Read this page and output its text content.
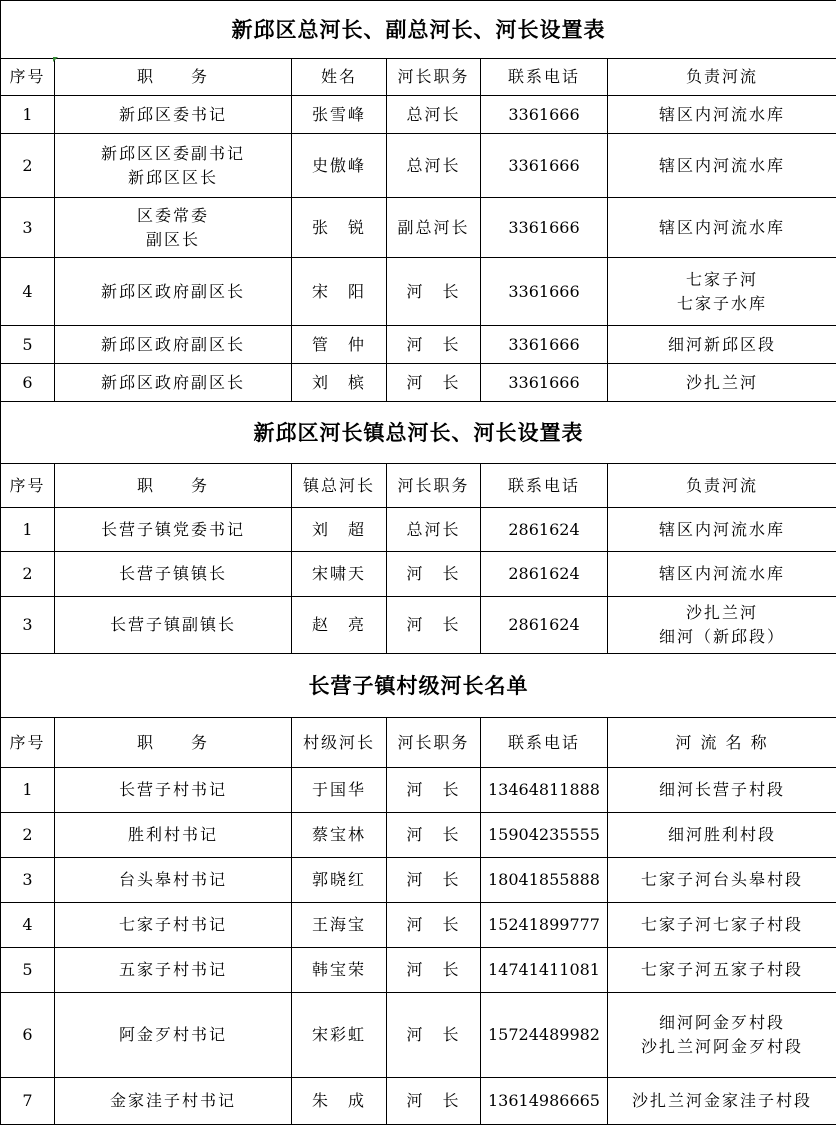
新邱区总河长、副总河长、河长设置表					
序号	职　　务	姓名	河长职务	联系电话	负责河流
1	新邱区委书记	张雪峰	总河长	3361666	辖区内河流水库

2	新邱区区委副书记
新邱区区长	史傲峰	总河长	3361666	辖区内河流水库

3	区委常委
副区长	张　锐	副总河长	3361666	辖区内河流水库

4	新邱区政府副区长	宋　阳	河　长	3361666	七家子河
七家子水库

5	新邱区政府副区长	管　仲	河　长	3361666	细河新邱区段

6	新邱区政府副区长	刘　槟	河　长	3361666	沙扎兰河
新邱区河长镇总河长、河长设置表					
序号	职　　务	镇总河长	河长职务	联系电话	负责河流
1	长营子镇党委书记	刘　超	总河长	2861624	辖区内河流水库

2	长营子镇镇长	宋啸天	河　长	2861624	辖区内河流水库

3	长营子镇副镇长	赵　亮	河　长	2861624	沙扎兰河
细河（新邱段）
长营子镇村级河长名单					
序号	职　　务	村级河长	河长职务	联系电话	河 流 名 称
1	长营子村书记	于国华	河　长	13464811888	细河长营子村段

2	胜利村书记	蔡宝林	河　长	15904235555	细河胜利村段

3	台头皋村书记	郭晓红	河　长	18041855888	七家子河台头皋村段

4	七家子村书记	王海宝	河　长	15241899777	七家子河七家子村段

5	五家子村书记	韩宝荣	河　长	14741411081	七家子河五家子村段

6	阿金歹村书记	宋彩虹	河　长	15724489982	细河阿金歹村段
沙扎兰河阿金歹村段

7	金家洼子村书记	朱　成	河　长	13614986665	沙扎兰河金家洼子村段
